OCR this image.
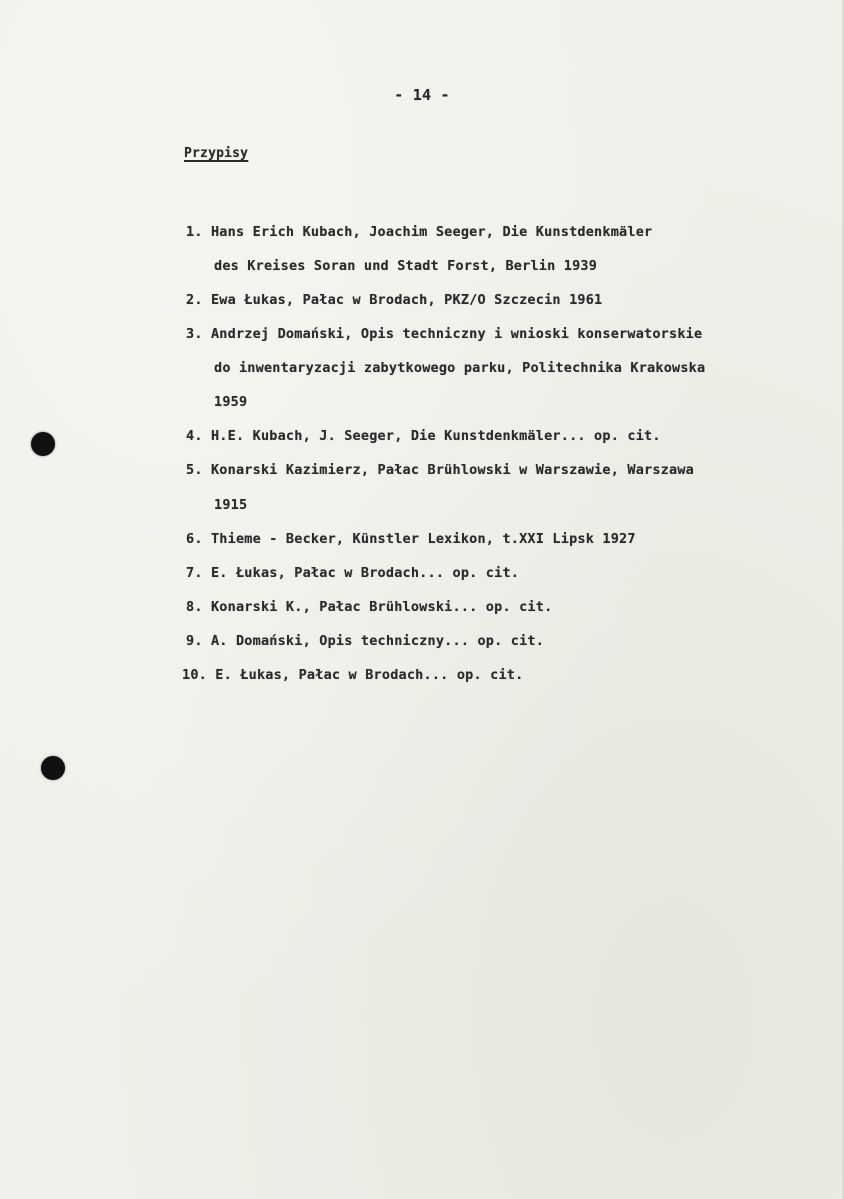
- 14 -
Przypisy
1. Hans Erich Kubach, Joachim Seeger, Die Kunstdenkmäler
des Kreises Soran und Stadt Forst, Berlin 1939
2. Ewa Łukas, Pałac w Brodach, PKZ/O Szczecin 1961
3. Andrzej Domański, Opis techniczny i wnioski konserwatorskie
do inwentaryzacji zabytkowego parku, Politechnika Krakowska
1959
4. H.E. Kubach, J. Seeger, Die Kunstdenkmäler... op. cit.
5. Konarski Kazimierz, Pałac Brühlowski w Warszawie, Warszawa
1915
6. Thieme - Becker, Künstler Lexikon, t.XXI Lipsk 1927
7. E. Łukas, Pałac w Brodach... op. cit.
8. Konarski K., Pałac Brühlowski... op. cit.
9. A. Domański, Opis techniczny... op. cit.
10. E. Łukas, Pałac w Brodach... op. cit.
